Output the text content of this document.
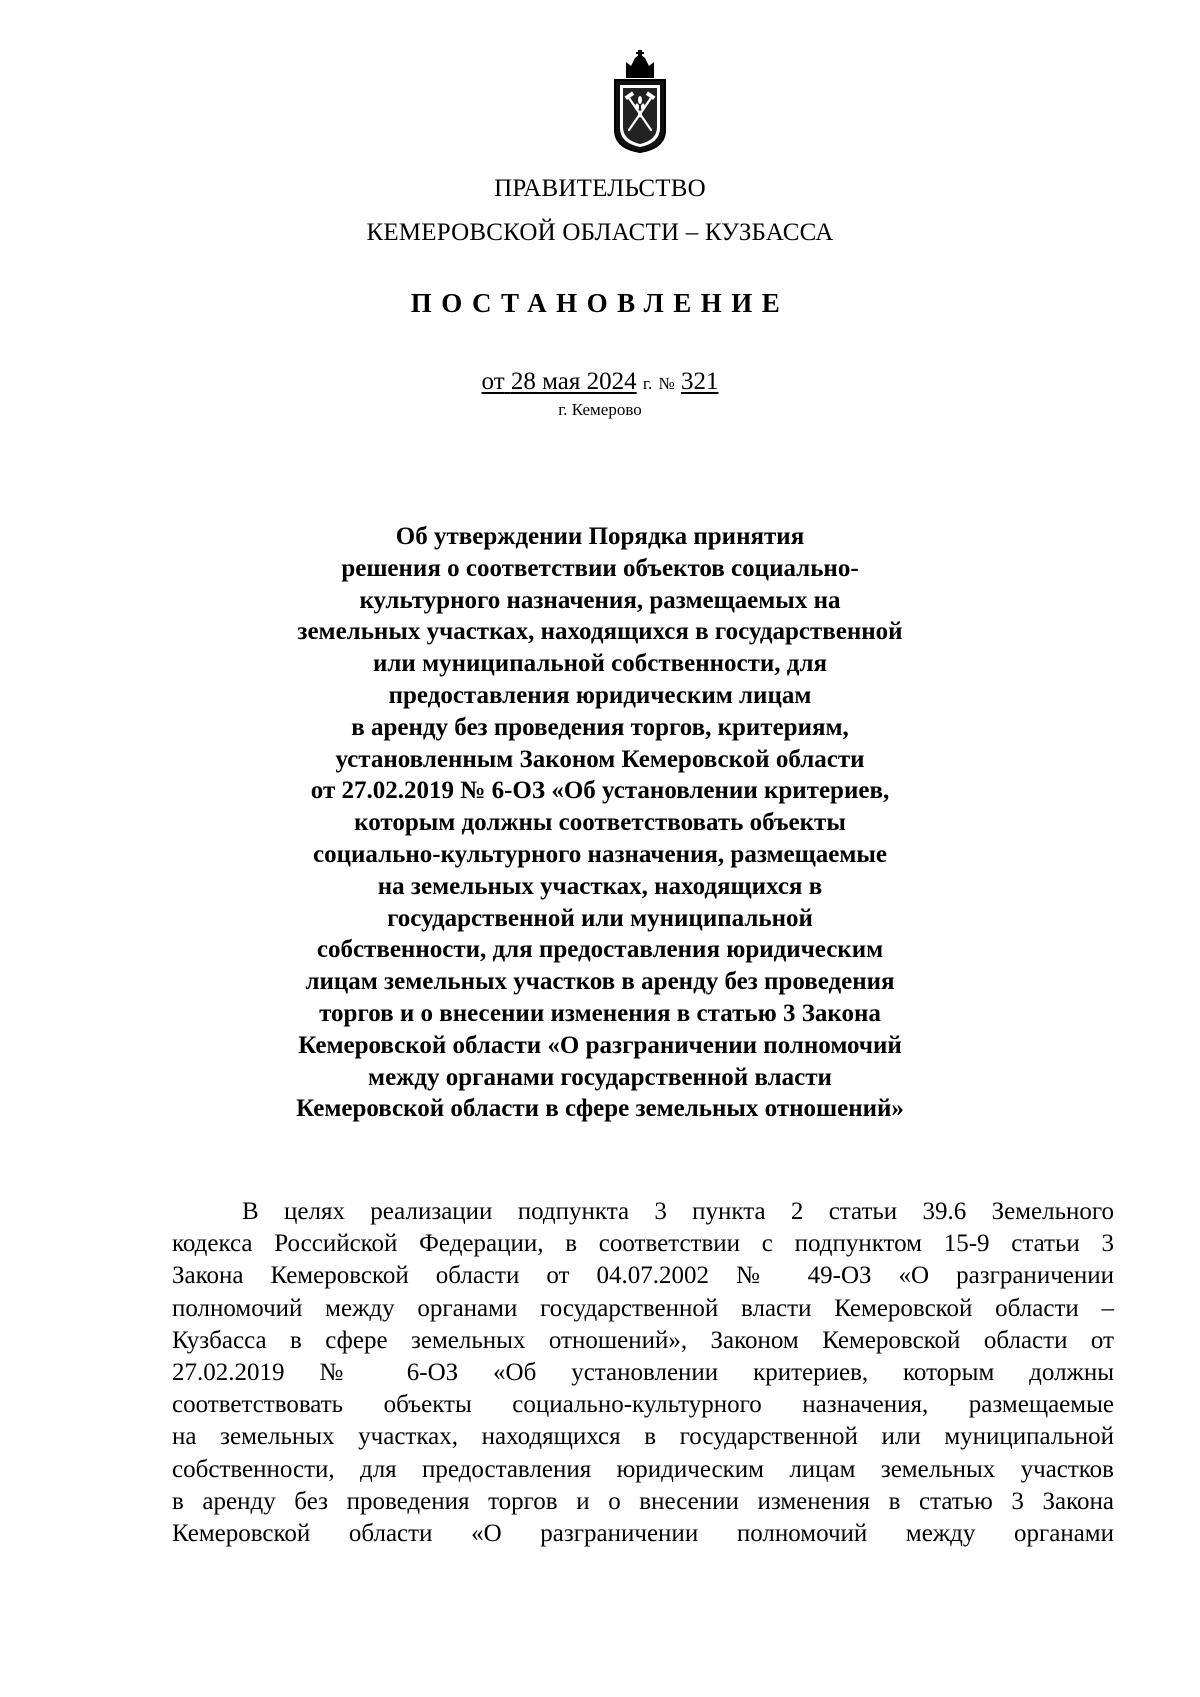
ПРАВИТЕЛЬСТВО
КЕМЕРОВСКОЙ ОБЛАСТИ – КУЗБАССА
ПОСТАНОВЛЕНИЕ
от 28 мая 2024 г. № 321
г. Кемерово
Об утверждении Порядка принятия
решения о соответствии объектов социально-
культурного назначения, размещаемых на
земельных участках, находящихся в государственной
или муниципальной собственности, для
предоставления юридическим лицам
в аренду без проведения торгов, критериям,
установленным Законом Кемеровской области
от 27.02.2019 № 6-ОЗ «Об установлении критериев,
которым должны соответствовать объекты
социально-культурного назначения, размещаемые
на земельных участках, находящихся в
государственной или муниципальной
собственности, для предоставления юридическим
лицам земельных участков в аренду без проведения
торгов и о внесении изменения в статью 3 Закона
Кемеровской области «О разграничении полномочий
между органами государственной власти
Кемеровской области в сфере земельных отношений»
В целях реализации подпункта 3 пункта 2 статьи 39.6 Земельного
кодекса Российской Федерации, в соответствии с подпунктом 15-9 статьи 3
Закона Кемеровской области от 04.07.2002 № 49-ОЗ «О разграничении
полномочий между органами государственной власти Кемеровской области –
Кузбасса в сфере земельных отношений», Законом Кемеровской области от
27.02.2019 № 6-ОЗ «Об установлении критериев, которым должны
соответствовать объекты социально-культурного назначения, размещаемые
на земельных участках, находящихся в государственной или муниципальной
собственности, для предоставления юридическим лицам земельных участков
в аренду без проведения торгов и о внесении изменения в статью 3 Закона
Кемеровской области «О разграничении полномочий между органами
